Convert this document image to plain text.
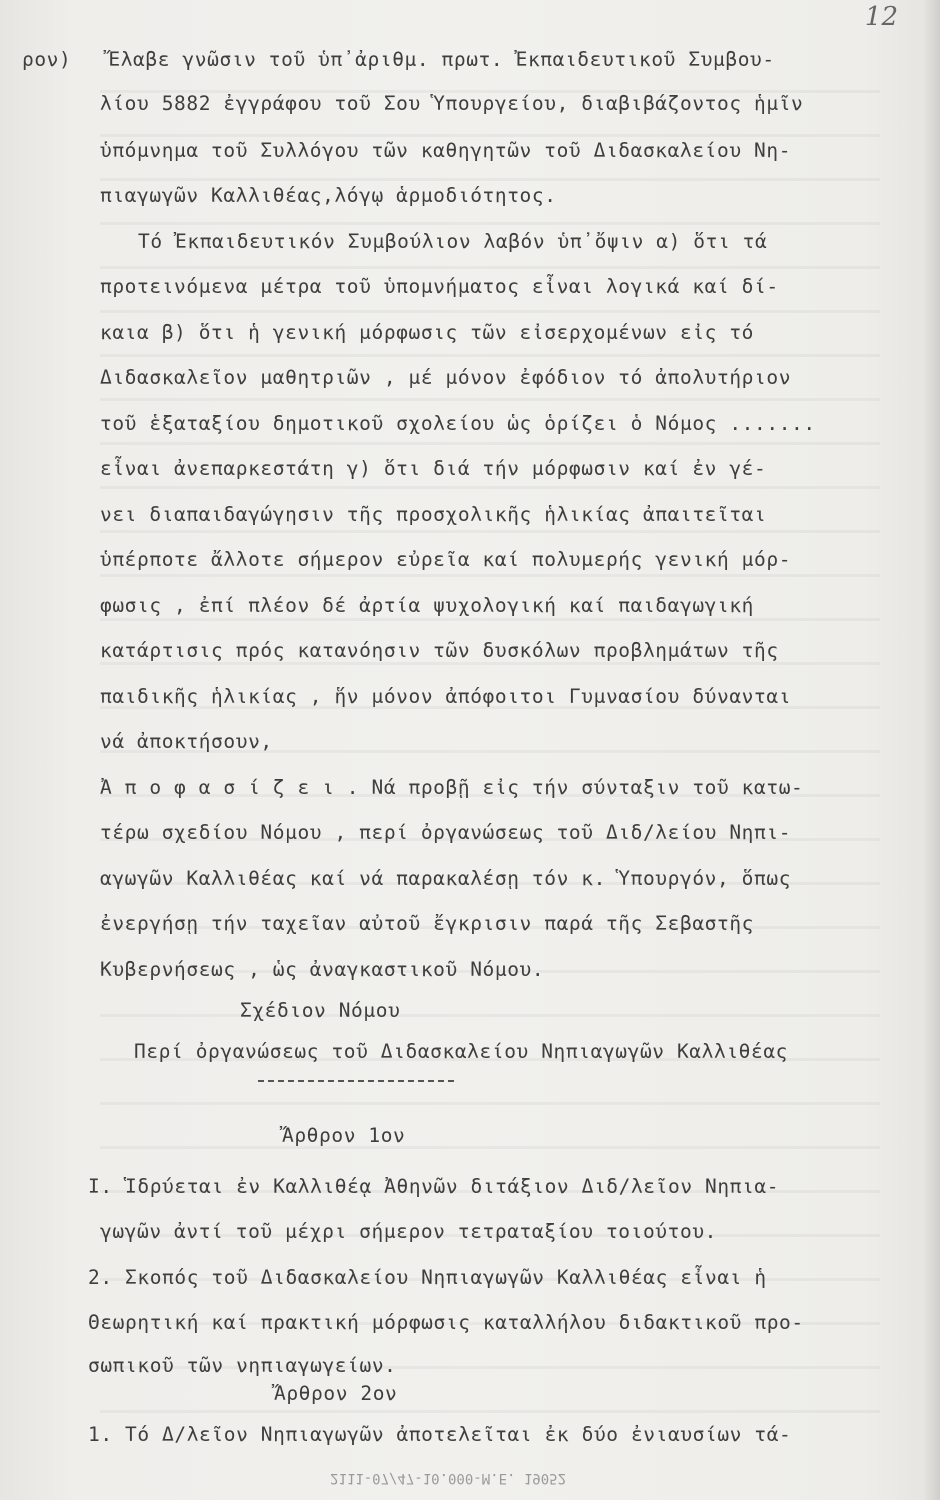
12
ρον)   Ἔλαβε γνῶσιν τοῦ ὑπ᾽ἀριθμ. πρωτ. Ἐκπαιδευτικοῦ Συμβου-
λίου 5882 ἐγγράφου τοῦ Σου Ὑπουργείου, διαβιβάζοντος ἡμῖν
ὑπόμνημα τοῦ Συλλόγου τῶν καθηγητῶν τοῦ Διδασκαλείου Νη-
πιαγωγῶν Καλλιθέας,λόγῳ ἁρμοδιότητος.
Τό Ἐκπαιδευτικόν Συμβούλιον λαβόν ὑπ᾽ὄψιν α) ὅτι τά
προτεινόμενα μέτρα τοῦ ὑπομνήματος εἶναι λογικά καί δί-
καια β) ὅτι ἡ γενική μόρφωσις τῶν εἰσερχομένων εἰς τό
Διδασκαλεῖον μαθητριῶν , μέ μόνον ἐφόδιον τό ἀπολυτήριον
τοῦ ἑξαταξίου δημοτικοῦ σχολείου ὡς ὁρίζει ὁ Νόμος .......
εἶναι ἀνεπαρκεστάτη γ) ὅτι διά τήν μόρφωσιν καί ἐν γέ-
νει διαπαιδαγώγησιν τῆς προσχολικῆς ἡλικίας ἀπαιτεῖται
ὑπέρποτε ἄλλοτε σήμερον εὐρεῖα καί πολυμερής γενική μόρ-
φωσις , ἐπί πλέον δέ ἀρτία ψυχολογική καί παιδαγωγική
κατάρτισις πρός κατανόησιν τῶν δυσκόλων προβλημάτων τῆς
παιδικῆς ἡλικίας , ἥν μόνον ἀπόφοιτοι Γυμνασίου δύνανται
νά ἀποκτήσουν,
Ἀ π ο φ α σ ί ζ ε ι . Νά προβῇ εἰς τήν σύνταξιν τοῦ κατω-
τέρω σχεδίου Νόμου , περί ὀργανώσεως τοῦ Διδ/λείου Νηπι-
αγωγῶν Καλλιθέας καί νά παρακαλέσῃ τόν κ. Ὑπουργόν, ὅπως
ἐνεργήσῃ τήν ταχεῖαν αὐτοῦ ἔγκρισιν παρά τῆς Σεβαστῆς
Κυβερνήσεως , ὡς ἀναγκαστικοῦ Νόμου.
Σχέδιον Νόμου
Περί ὀργανώσεως τοῦ Διδασκαλείου Νηπιαγωγῶν Καλλιθέας
Ἄρθρον 1ον
Ι. Ἱδρύεται ἐν Καλλιθέᾳ Ἀθηνῶν διτάξιον Διδ/λεῖον Νηπια-
γωγῶν ἀντί τοῦ μέχρι σήμερον τετραταξίου τοιούτου.
2. Σκοπός τοῦ Διδασκαλείου Νηπιαγωγῶν Καλλιθέας εἶναι ἡ
Θεωρητική καί πρακτική μόρφωσις καταλλήλου διδακτικοῦ προ-
σωπικοῦ τῶν νηπιαγωγείων.
Ἄρθρον 2ον
1. Τό Δ/λεῖον Νηπιαγωγῶν ἀποτελεῖται ἐκ δύο ἐνιαυσίων τά-
2111-07/47-10.000-Μ.Ε. 19052
